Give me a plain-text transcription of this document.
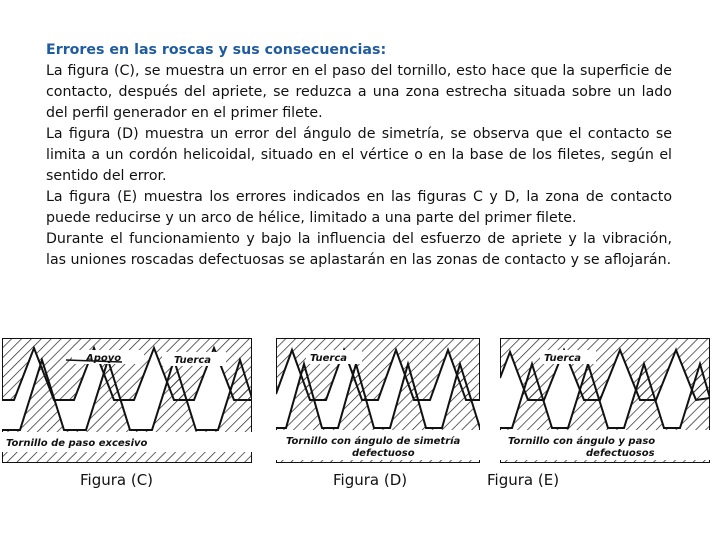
Errores en las roscas y sus consecuencias:
La figura (C), se muestra un error en el paso del tornillo, esto hace que la superficie de contacto, después del apriete, se reduzca a una zona estrecha situada sobre un lado del perfil generador en el primer filete.
La figura (D) muestra un error del ángulo de simetría, se observa que el contacto se limita a un cordón helicoidal, situado en el vértice o en la base de los filetes, según el sentido del error.
La figura (E) muestra los errores indicados en las figuras C y D, la zona de contacto puede reducirse y un arco de hélice, limitado a una parte del primer filete.
Durante el funcionamiento y bajo la influencia del esfuerzo de apriete y la vibración, las uniones roscadas defectuosas se aplastarán en las zonas de contacto y se aflojarán.
Apoyo	Tuerca
Tornillo de paso excesivo
Tuerca
Tornillo con ángulo de simetría
defectuoso
Tuerca
Tornillo con ángulo y paso
defectuosos
Figura (C)	Figura (D)	Figura (E)
